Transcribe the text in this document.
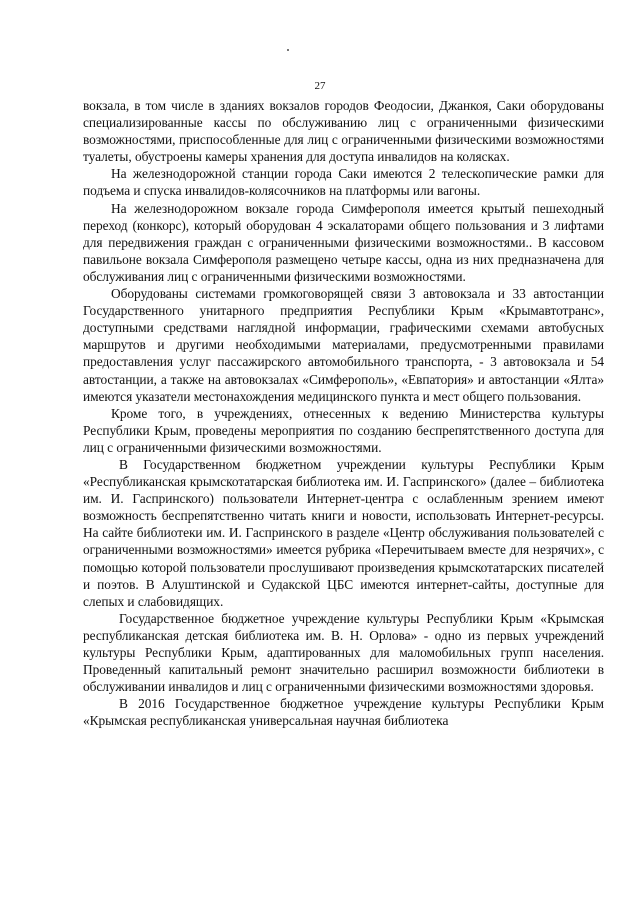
27

вокзала, в том числе в зданиях вокзалов городов Феодосии, Джанкоя, Саки оборудованы специализированные кассы по обслуживанию лиц с ограниченными физическими возможностями, приспособленные для лиц с ограниченными физическими возможностями туалеты, обустроены камеры хранения для доступа инвалидов на колясках.

На железнодорожной станции города Саки имеются 2 телескопические рамки для подъема и спуска инвалидов-колясочников на платформы или вагоны.

На железнодорожном вокзале города Симферополя имеется крытый пешеходный переход (конкорс), который оборудован 4 эскалаторами общего пользования и 3 лифтами для передвижения граждан с ограниченными физическими возможностями.. В кассовом павильоне вокзала Симферополя размещено четыре кассы, одна из них предназначена для обслуживания лиц с ограниченными физическими возможностями.

Оборудованы системами громкоговорящей связи 3 автовокзала и 33 автостанции Государственного унитарного предприятия Республики Крым «Крымавтотранс», доступными средствами наглядной информации, графическими схемами автобусных маршрутов и другими необходимыми материалами, предусмотренными правилами предоставления услуг пассажирского автомобильного транспорта, - 3 автовокзала и 54 автостанции, а также на автовокзалах «Симферополь», «Евпатория» и автостанции «Ялта» имеются указатели местонахождения медицинского пункта и мест общего пользования.

Кроме того, в учреждениях, отнесенных к ведению Министерства культуры Республики Крым, проведены мероприятия по созданию беспрепятственного доступа для лиц с ограниченными физическими возможностями.

В Государственном бюджетном учреждении культуры Республики Крым «Республиканская крымскотатарская библиотека им. И. Гаспринского» (далее – библиотека им. И. Гаспринского) пользователи Интернет-центра с ослабленным зрением имеют возможность беспрепятственно читать книги и новости, использовать Интернет-ресурсы. На сайте библиотеки им. И. Гаспринского в разделе «Центр обслуживания пользователей с ограниченными возможностями» имеется рубрика «Перечитываем вместе для незрячих», с помощью которой пользователи прослушивают произведения крымскотатарских писателей и поэтов. В Алуштинской и Судакской ЦБС имеются интернет-сайты, доступные для слепых и слабовидящих.

Государственное бюджетное учреждение культуры Республики Крым «Крымская республиканская детская библиотека им. В. Н. Орлова» - одно из первых учреждений культуры Республики Крым, адаптированных для маломобильных групп населения. Проведенный капитальный ремонт значительно расширил возможности библиотеки в обслуживании инвалидов и лиц с ограниченными физическими возможностями здоровья.

В 2016 Государственное бюджетное учреждение культуры Республики Крым «Крымская республиканская универсальная научная библиотека
